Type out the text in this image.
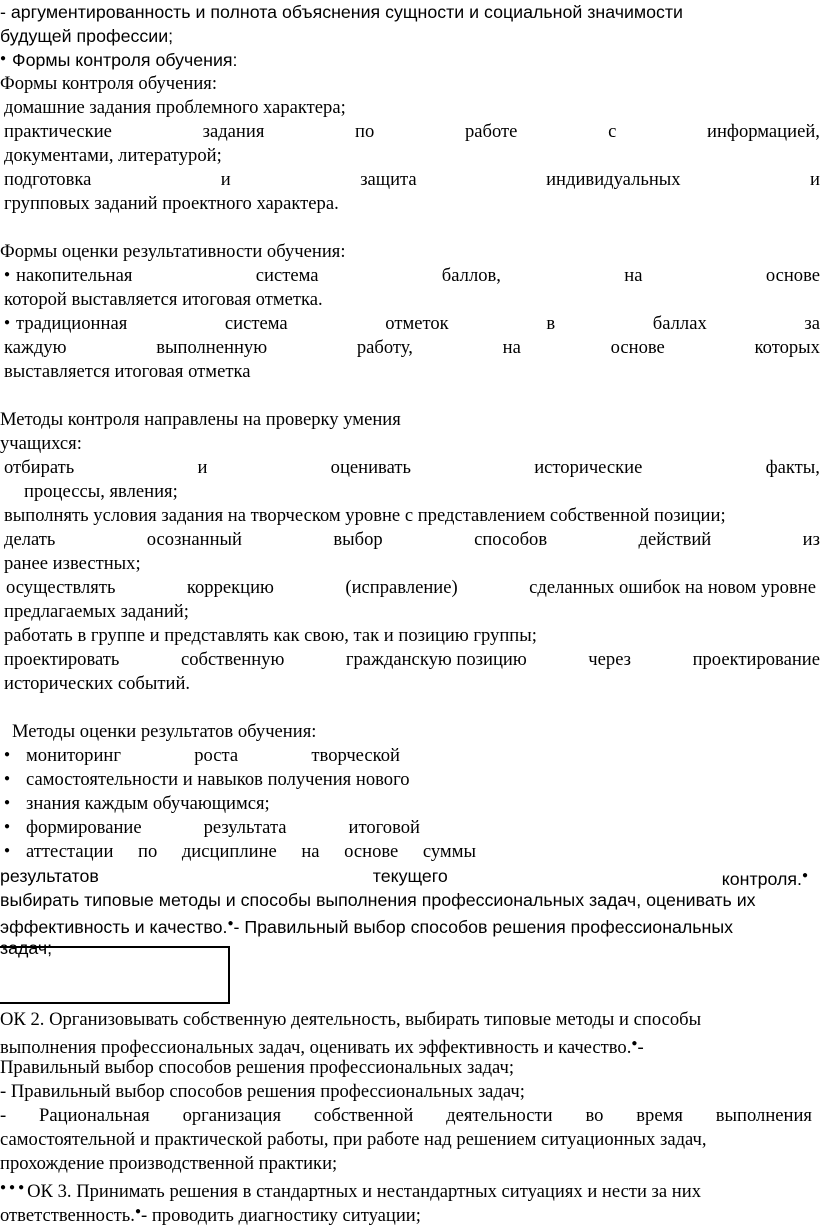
- аргументированность и полнота объяснения сущности и социальной значимости
будущей профессии;
● Формы контроля обучения:
Формы контроля обучения:
домашние задания проблемного характера;
практические	задания	по	работе	с	информацией,
документами, литературой;
подготовка	и	защита	индивидуальных	и
групповых заданий проектного характера.
Формы оценки результативности обучения:
● накопительная	система	баллов,	на	основе
которой выставляется итоговая отметка.
● традиционная	система	отметок	в	баллах	за
каждую	выполненную	работу,	на	основе	которых
выставляется итоговая отметка
Методы контроля направлены на проверку умения
учащихся:
отбирать	и	оценивать	исторические	факты,
процессы, явления;
выполнять условия задания на творческом уровне с представлением собственной позиции;
делать	осознанный	выбор	способов	действий	из
ранее известных;
осуществлять	коррекцию	(исправление)	сделанных ошибок на новом уровне
предлагаемых заданий;
работать в группе и представлять как свою, так и позицию группы;
проектировать	собственную	гражданскую позицию	через	проектирование
исторических событий.
Методы оценки результатов обучения:
● мониторинг	роста	творческой
● самостоятельности и навыков получения нового
● знания каждым обучающимся;
● формирование	результата	итоговой
● аттестации по дисциплине на основе суммы
результатов	текущего	контроля.●
выбирать типовые методы и способы выполнения профессиональных задач, оценивать их
эффективность и качество.●- Правильный выбор способов решения профессиональных
задач;
ОК 2. Организовывать собственную деятельность, выбирать типовые методы и способы
выполнения профессиональных задач, оценивать их эффективность и качество.●-
Правильный выбор способов решения профессиональных задач;
- Правильный выбор способов решения профессиональных задач;
- Рациональная организация собственной деятельности во время выполнения
самостоятельной и практической работы, при работе над решением ситуационных задач,
прохождение производственной практики;
●●●ОК 3. Принимать решения в стандартных и нестандартных ситуациях и нести за них
ответственность.●- проводить диагностику ситуации;
